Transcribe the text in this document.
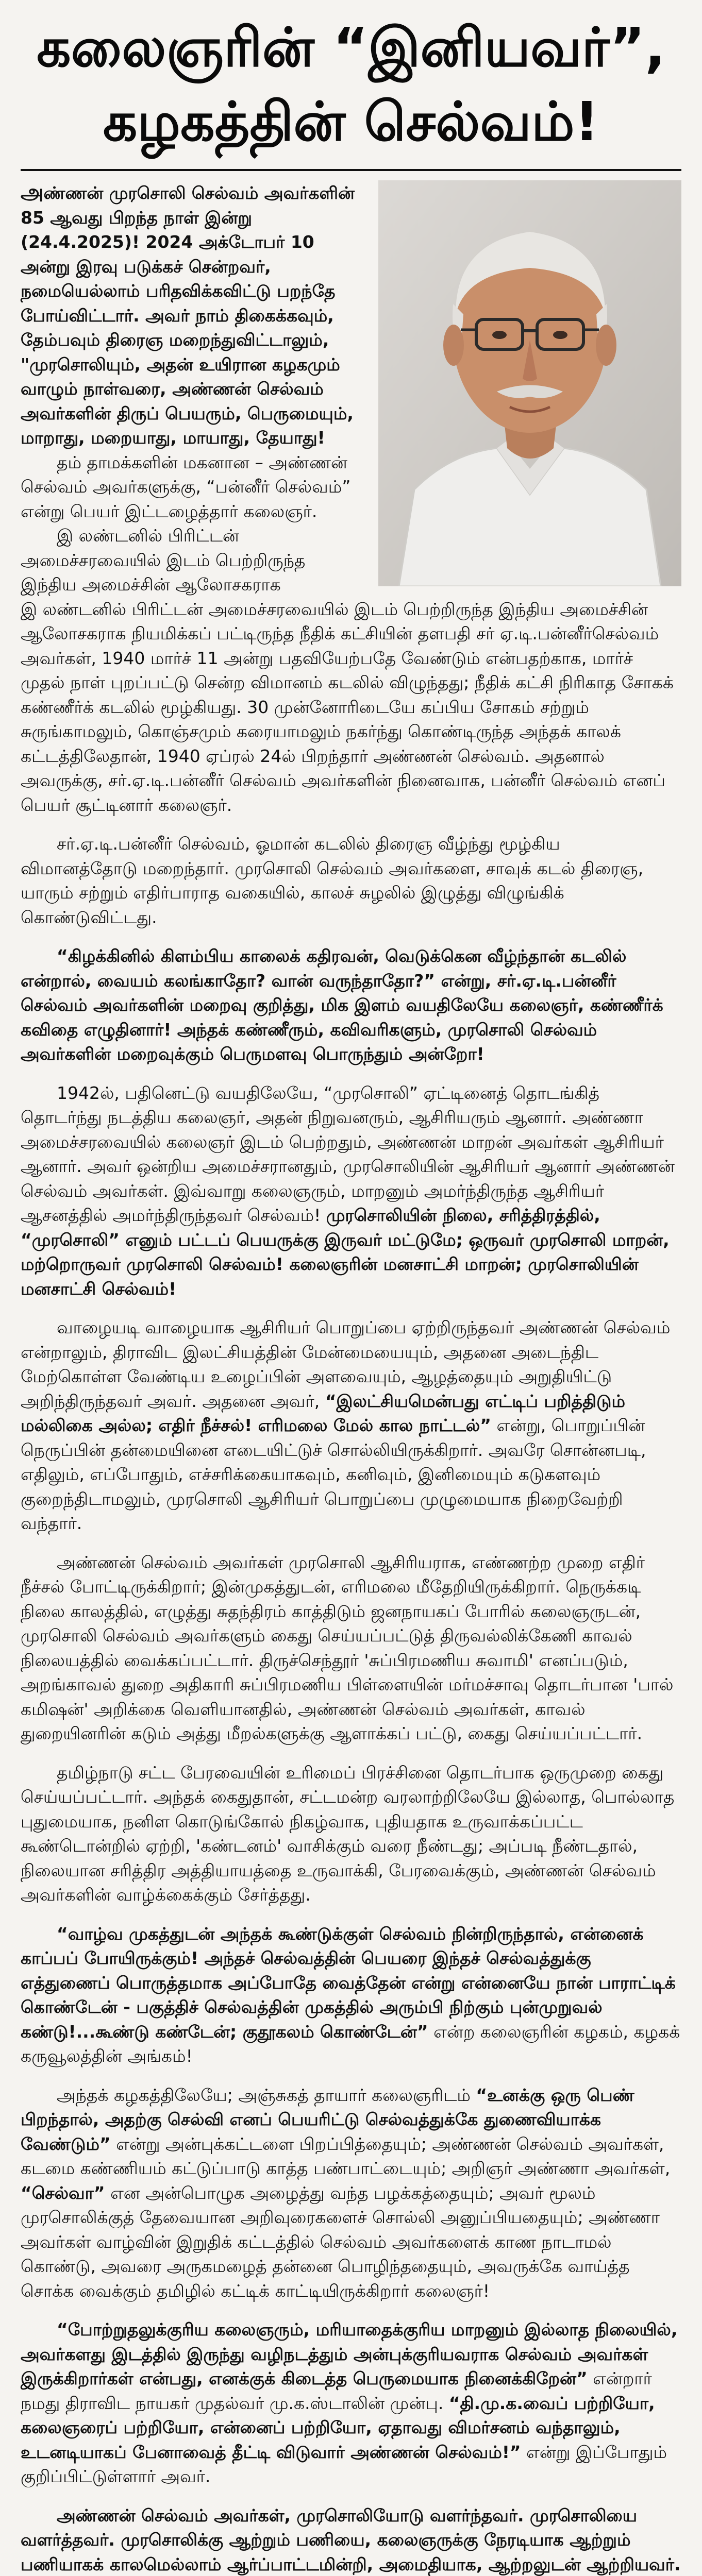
கலைஞரின் “இனியவர்”,
கழகத்தின் செல்வம்!

அண்ணன் முரசொலி செல்வம் அவர்களின் 85 ஆவது பிறந்த நாள் இன்று (24.4.2025)! 2024 அக்டோபர் 10 அன்று இரவு படுக்கச் சென்றவர், நமையெல்லாம் பரிதவிக்கவிட்டு பறந்தே போய்விட்டார். அவர் நாம் திகைக்கவும், தேம்பவும் திரைஞ மறைந்துவிட்டாலும், "முரசொலியும், அதன் உயிரான கழகமும் வாழும் நாள்வரை, அண்ணன் செல்வம் அவர்களின் திருப் பெயரும், பெருமையும், மாறாது, மறையாது, மாயாது, தேயாது!

தம் தாமக்களின் மகனான – அண்ணன் செல்வம் அவர்களுக்கு, “பன்னீர் செல்வம்” என்று பெயர் இட்டழைத்தார் கலைஞர்.

இ லண்டனில் பிரிட்டன் அமைச்சரவையில் இடம் பெற்றிருந்த இந்திய அமைச்சின் ஆலோசகராக

இ லண்டனில் பிரிட்டன் அமைச்சரவையில் இடம் பெற்றிருந்த இந்திய அமைச்சின் ஆலோசகராக நியமிக்கப் பட்டிருந்த நீதிக் கட்சியின் தளபதி சர் ஏ.டி.பன்னீர்செல்வம் அவர்கள், 1940 மார்ச் 11 அன்று பதவியேற்பதே வேண்டும் என்பதற்காக, மார்ச் முதல் நாள் புறப்பட்டு சென்ற விமானம் கடலில் விழுந்தது; நீதிக் கட்சி நிரிகாத சோகக் கண்ணீர்க் கடலில் மூழ்கியது. 30 முன்னோரிடையே கப்பிய சோகம் சற்றும் சுருங்காமலும், கொஞ்சமும் கரையாமலும் நகர்ந்து கொண்டிருந்த அந்தக் காலக் கட்டத்திலேதான், 1940 ஏப்ரல் 24ல் பிறந்தார் அண்ணன் செல்வம். அதனால் அவருக்கு, சர்.ஏ.டி.பன்னீர் செல்வம் அவர்களின் நினைவாக, பன்னீர் செல்வம் எனப் பெயர் சூட்டினார் கலைஞர்.

சர்.ஏ.டி.பன்னீர் செல்வம், ஓமான் கடலில் திரைஞ வீழ்ந்து மூழ்கிய விமானத்தோடு மறைந்தார். முரசொலி செல்வம் அவர்களை, சாவுக் கடல் திரைஞ, யாரும் சற்றும் எதிர்பாராத வகையில், காலச் சுழலில் இழுத்து விழுங்கிக் கொண்டுவிட்டது.

“கிழக்கினில் கிளம்பிய காலைக் கதிரவன், வெடுக்கென வீழ்ந்தான் கடலில் என்றால், வையம் கலங்காதோ? வான் வருந்தாதோ?” என்று, சர்.ஏ.டி.பன்னீர் செல்வம் அவர்களின் மறைவு குறித்து, மிக இளம் வயதிலேயே கலைஞர், கண்ணீர்க் கவிதை எழுதினார்! அந்தக் கண்ணீரும், கவிவரிகளும், முரசொலி செல்வம் அவர்களின் மறைவுக்கும் பெருமளவு பொருந்தும் அன்றோ!

1942ல், பதினெட்டு வயதிலேயே, “முரசொலி” ஏட்டினைத் தொடங்கித் தொடர்ந்து நடத்திய கலைஞர், அதன் நிறுவனரும், ஆசிரியரும் ஆனார். அண்ணா அமைச்சரவையில் கலைஞர் இடம் பெற்றதும், அண்ணன் மாறன் அவர்கள் ஆசிரியர் ஆனார். அவர் ஒன்றிய அமைச்சரானதும், முரசொலியின் ஆசிரியர் ஆனார் அண்ணன் செல்வம் அவர்கள். இவ்வாறு கலைஞரும், மாறனும் அமர்ந்திருந்த ஆசிரியர் ஆசனத்தில் அமர்ந்திருந்தவர் செல்வம்! முரசொலியின் நிலை, சரித்திரத்தில், “முரசொலி” எனும் பட்டப் பெயருக்கு இருவர் மட்டுமே; ஒருவர் முரசொலி மாறன், மற்றொருவர் முரசொலி செல்வம்! கலைஞரின் மனசாட்சி மாறன்; முரசொலியின் மனசாட்சி செல்வம்!

வாழையடி வாழையாக ஆசிரியர் பொறுப்பை ஏற்றிருந்தவர் அண்ணன் செல்வம் என்றாலும், திராவிட இலட்சியத்தின் மேன்மையையும், அதனை அடைந்திட மேற்கொள்ள வேண்டிய உழைப்பின் அளவையும், ஆழத்தையும் அறுதியிட்டு அறிந்திருந்தவர் அவர். அதனை அவர், “இலட்சியமென்பது எட்டிப் பறித்திடும் மல்லிகை அல்ல; எதிர் நீச்சல்! எரிமலை மேல் கால நாட்டல்” என்று, பொறுப்பின் நெருப்பின் தன்மையினை எடையிட்டுச் சொல்லியிருக்கிறார். அவரே சொன்னபடி, எதிலும், எப்போதும், எச்சரிக்கையாகவும், கனிவும், இனிமையும் கடுகளவும் குறைந்திடாமலும், முரசொலி ஆசிரியர் பொறுப்பை முழுமையாக நிறைவேற்றி வந்தார்.

அண்ணன் செல்வம் அவர்கள் முரசொலி ஆசிரியராக, எண்ணற்ற முறை எதிர் நீச்சல் போட்டிருக்கிறார்; இன்முகத்துடன், எரிமலை மீதேறியிருக்கிறார். நெருக்கடி நிலை காலத்தில், எழுத்து சுதந்திரம் காத்திடும் ஜனநாயகப் போரில் கலைஞருடன், முரசொலி செல்வம் அவர்களும் கைது செய்யப்பட்டுத் திருவல்லிக்கேணி காவல் நிலையத்தில் வைக்கப்பட்டார். திருச்செந்தூர் 'சுப்பிரமணிய சுவாமி' எனப்படும், அறங்காவல் துறை அதிகாரி சுப்பிரமணிய பிள்ளையின் மர்மச்சாவு தொடர்பான 'பால் கமிஷன்' அறிக்கை வெளியானதில், அண்ணன் செல்வம் அவர்கள், காவல் துறையினரின் கடும் அத்து மீறல்களுக்கு ஆளாக்கப் பட்டு, கைது செய்யப்பட்டார்.

தமிழ்நாடு சட்ட பேரவையின் உரிமைப் பிரச்சினை தொடர்பாக ஒருமுறை கைது செய்யப்பட்டார். அந்தக் கைதுதான், சட்டமன்ற வரலாற்றிலேயே இல்லாத, பொல்லாத புதுமையாக, நனிள கொடுங்கோல் நிகழ்வாக, புதியதாக உருவாக்கப்பட்ட கூண்டொன்றில் ஏற்றி, 'கண்டனம்' வாசிக்கும் வரை நீண்டது; அப்படி நீண்டதால், நிலையான சரித்திர அத்தியாயத்தை உருவாக்கி, பேரவைக்கும், அண்ணன் செல்வம் அவர்களின் வாழ்க்கைக்கும் சேர்த்தது.

“வாழ்வ முகத்துடன் அந்தக் கூண்டுக்குள் செல்வம் நின்றிருந்தால், என்னைக் காப்பப் போயிருக்கும்! அந்தச் செல்வத்தின் பெயரை இந்தச் செல்வத்துக்கு எத்துணைப் பொருத்தமாக அப்போதே வைத்தேன் என்று என்னையே நான் பாராட்டிக் கொண்டேன் - பகுத்திச் செல்வத்தின் முகத்தில் அரும்பி நிற்கும் புன்முறுவல் கண்டு!...கூண்டு கண்டேன்; குதூகலம் கொண்டேன்” என்ற கலைஞரின் கழகம், கழகக் கருவூலத்தின் அங்கம்!

அந்தக் கழகத்திலேயே; அஞ்சுகத் தாயார் கலைஞரிடம் “உனக்கு ஒரு பெண் பிறந்தால், அதற்கு செல்வி எனப் பெயரிட்டு செல்வத்துக்கே துணைவியாக்க வேண்டும்” என்று அன்புக்கட்டளை பிறப்பித்தையும்; அண்ணன் செல்வம் அவர்கள், கடமை கண்ணியம் கட்டுப்பாடு காத்த பண்பாட்டையும்; அறிஞர் அண்ணா அவர்கள், “செல்வா” என அன்பொழுக அழைத்து வந்த பழக்கத்தையும்; அவர் மூலம் முரசொலிக்குத் தேவையான அறிவுரைகளைச் சொல்லி அனுப்பியதையும்; அண்ணா அவர்கள் வாழ்வின் இறுதிக் கட்டத்தில் செல்வம் அவர்களைக் காண நாடாமல் கொண்டு, அவரை அருகமழைத் தன்னை பொழிந்ததையும், அவருக்கே வாய்த்த சொக்க வைக்கும் தமிழில் கட்டிக் காட்டியிருக்கிறார் கலைஞர்!

“போற்றுதலுக்குரிய கலைஞரும், மரியாதைக்குரிய மாறனும் இல்லாத நிலையில், அவர்களது இடத்தில் இருந்து வழிநடத்தும் அன்புக்குரியவராக செல்வம் அவர்கள் இருக்கிறார்கள் என்பது, எனக்குக் கிடைத்த பெருமையாக நினைக்கிறேன்” என்றார் நமது திராவிட நாயகர் முதல்வர் மு.க.ஸ்டாலின் முன்பு. “தி.மு.க.வைப் பற்றியோ, கலைஞரைப் பற்றியோ, என்னைப் பற்றியோ, ஏதாவது விமர்சனம் வந்தாலும், உடனடியாகப் பேனாவைத் தீட்டி விடுவார் அண்ணன் செல்வம்!” என்று இப்போதும் குறிப்பிட்டுள்ளார் அவர்.

அண்ணன் செல்வம் அவர்கள், முரசொலியோடு வளர்ந்தவர். முரசொலியை வளர்த்தவர். முரசொலிக்கு ஆற்றும் பணியை, கலைஞருக்கு நேரடியாக ஆற்றும் பணியாகக் காலமெல்லாம் ஆர்ப்பாட்டமின்றி, அமைதியாக, ஆற்றலுடன் ஆற்றியவர்.
